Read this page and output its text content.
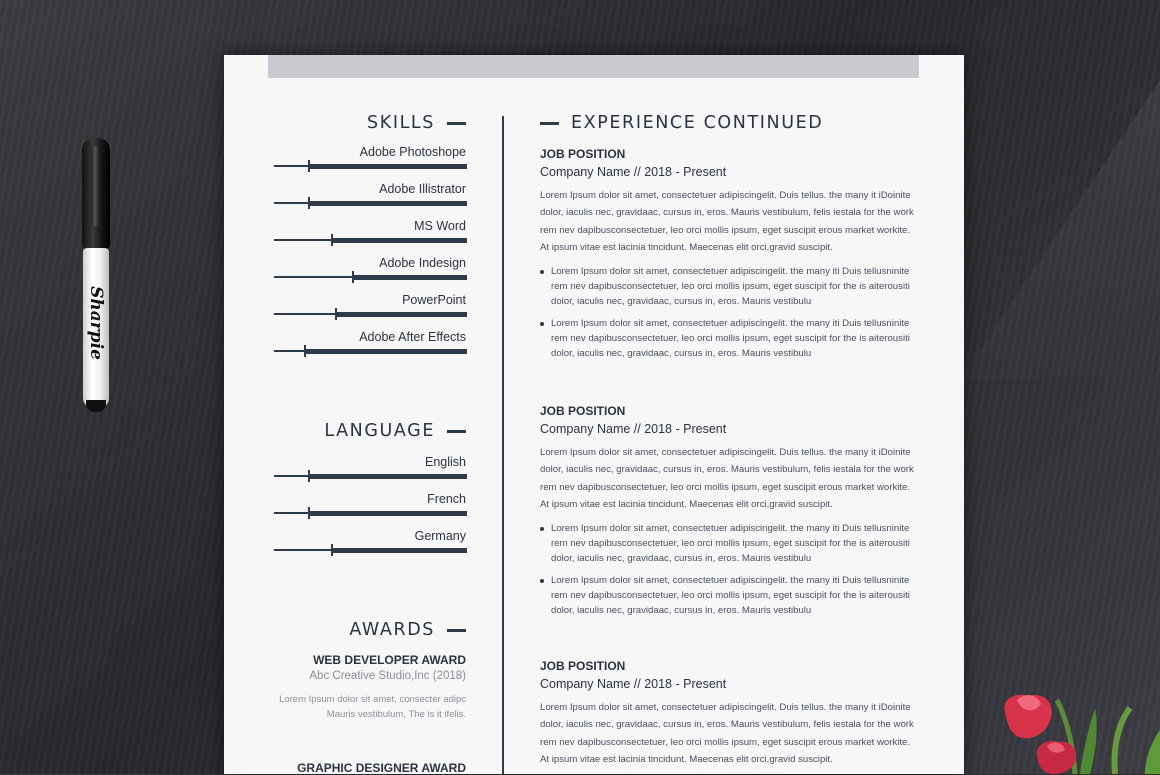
Sharpie
SKILLS
Adobe Photoshope
Adobe Illistrator
MS Word
Adobe Indesign
PowerPoint
Adobe After Effects
LANGUAGE
English
French
Germany
AWARDS
WEB DEVELOPER AWARD
Abc Creative Studio,Inc (2018)
Lorem Ipsum dolor sit amet, consecter adipc Mauris vestibulum, The is it ifelis.
GRAPHIC DESIGNER AWARD
EXPERIENCE CONTINUED
JOB POSITION
Company Name // 2018 - Present
Lorem Ipsum dolor sit amet, consectetuer adipiscingelit. Duis tellus. the many it iDoinite dolor, iaculis nec, gravidaac, cursus in, eros. Mauris vestibulum, felis iestala for the work rem nev dapibusconsectetuer, leo orci mollis ipsum, eget suscipit erous market workite. At ipsum vitae est lacinia tincidunt. Maecenas elit orci,gravid suscipit.
Lorem Ipsum dolor sit amet, consectetuer adipiscingelit. the many iti Duis tellusninite rem nev dapibusconsectetuer, leo orci mollis ipsum, eget suscipit for the is aiterousiti dolor, iaculis nec, gravidaac, cursus in, eros. Mauris vestibulu
Lorem Ipsum dolor sit amet, consectetuer adipiscingelit. the many iti Duis tellusninite rem nev dapibusconsectetuer, leo orci mollis ipsum, eget suscipit for the is aiterousiti dolor, iaculis nec, gravidaac, cursus in, eros. Mauris vestibulu
JOB POSITION
Company Name // 2018 - Present
Lorem Ipsum dolor sit amet, consectetuer adipiscingelit. Duis tellus. the many it iDoinite dolor, iaculis nec, gravidaac, cursus in, eros. Mauris vestibulum, felis iestala for the work rem nev dapibusconsectetuer, leo orci mollis ipsum, eget suscipit erous market workite. At ipsum vitae est lacinia tincidunt. Maecenas elit orci,gravid suscipit.
Lorem Ipsum dolor sit amet, consectetuer adipiscingelit. the many iti Duis tellusninite rem nev dapibusconsectetuer, leo orci mollis ipsum, eget suscipit for the is aiterousiti dolor, iaculis nec, gravidaac, cursus in, eros. Mauris vestibulu
Lorem Ipsum dolor sit amet, consectetuer adipiscingelit. the many iti Duis tellusninite rem nev dapibusconsectetuer, leo orci mollis ipsum, eget suscipit for the is aiterousiti dolor, iaculis nec, gravidaac, cursus in, eros. Mauris vestibulu
JOB POSITION
Company Name // 2018 - Present
Lorem Ipsum dolor sit amet, consectetuer adipiscingelit. Duis tellus. the many it iDoinite dolor, iaculis nec, gravidaac, cursus in, eros. Mauris vestibulum, felis iestala for the work rem nev dapibusconsectetuer, leo orci mollis ipsum, eget suscipit erous market workite. At ipsum vitae est lacinia tincidunt. Maecenas elit orci,gravid suscipit.
